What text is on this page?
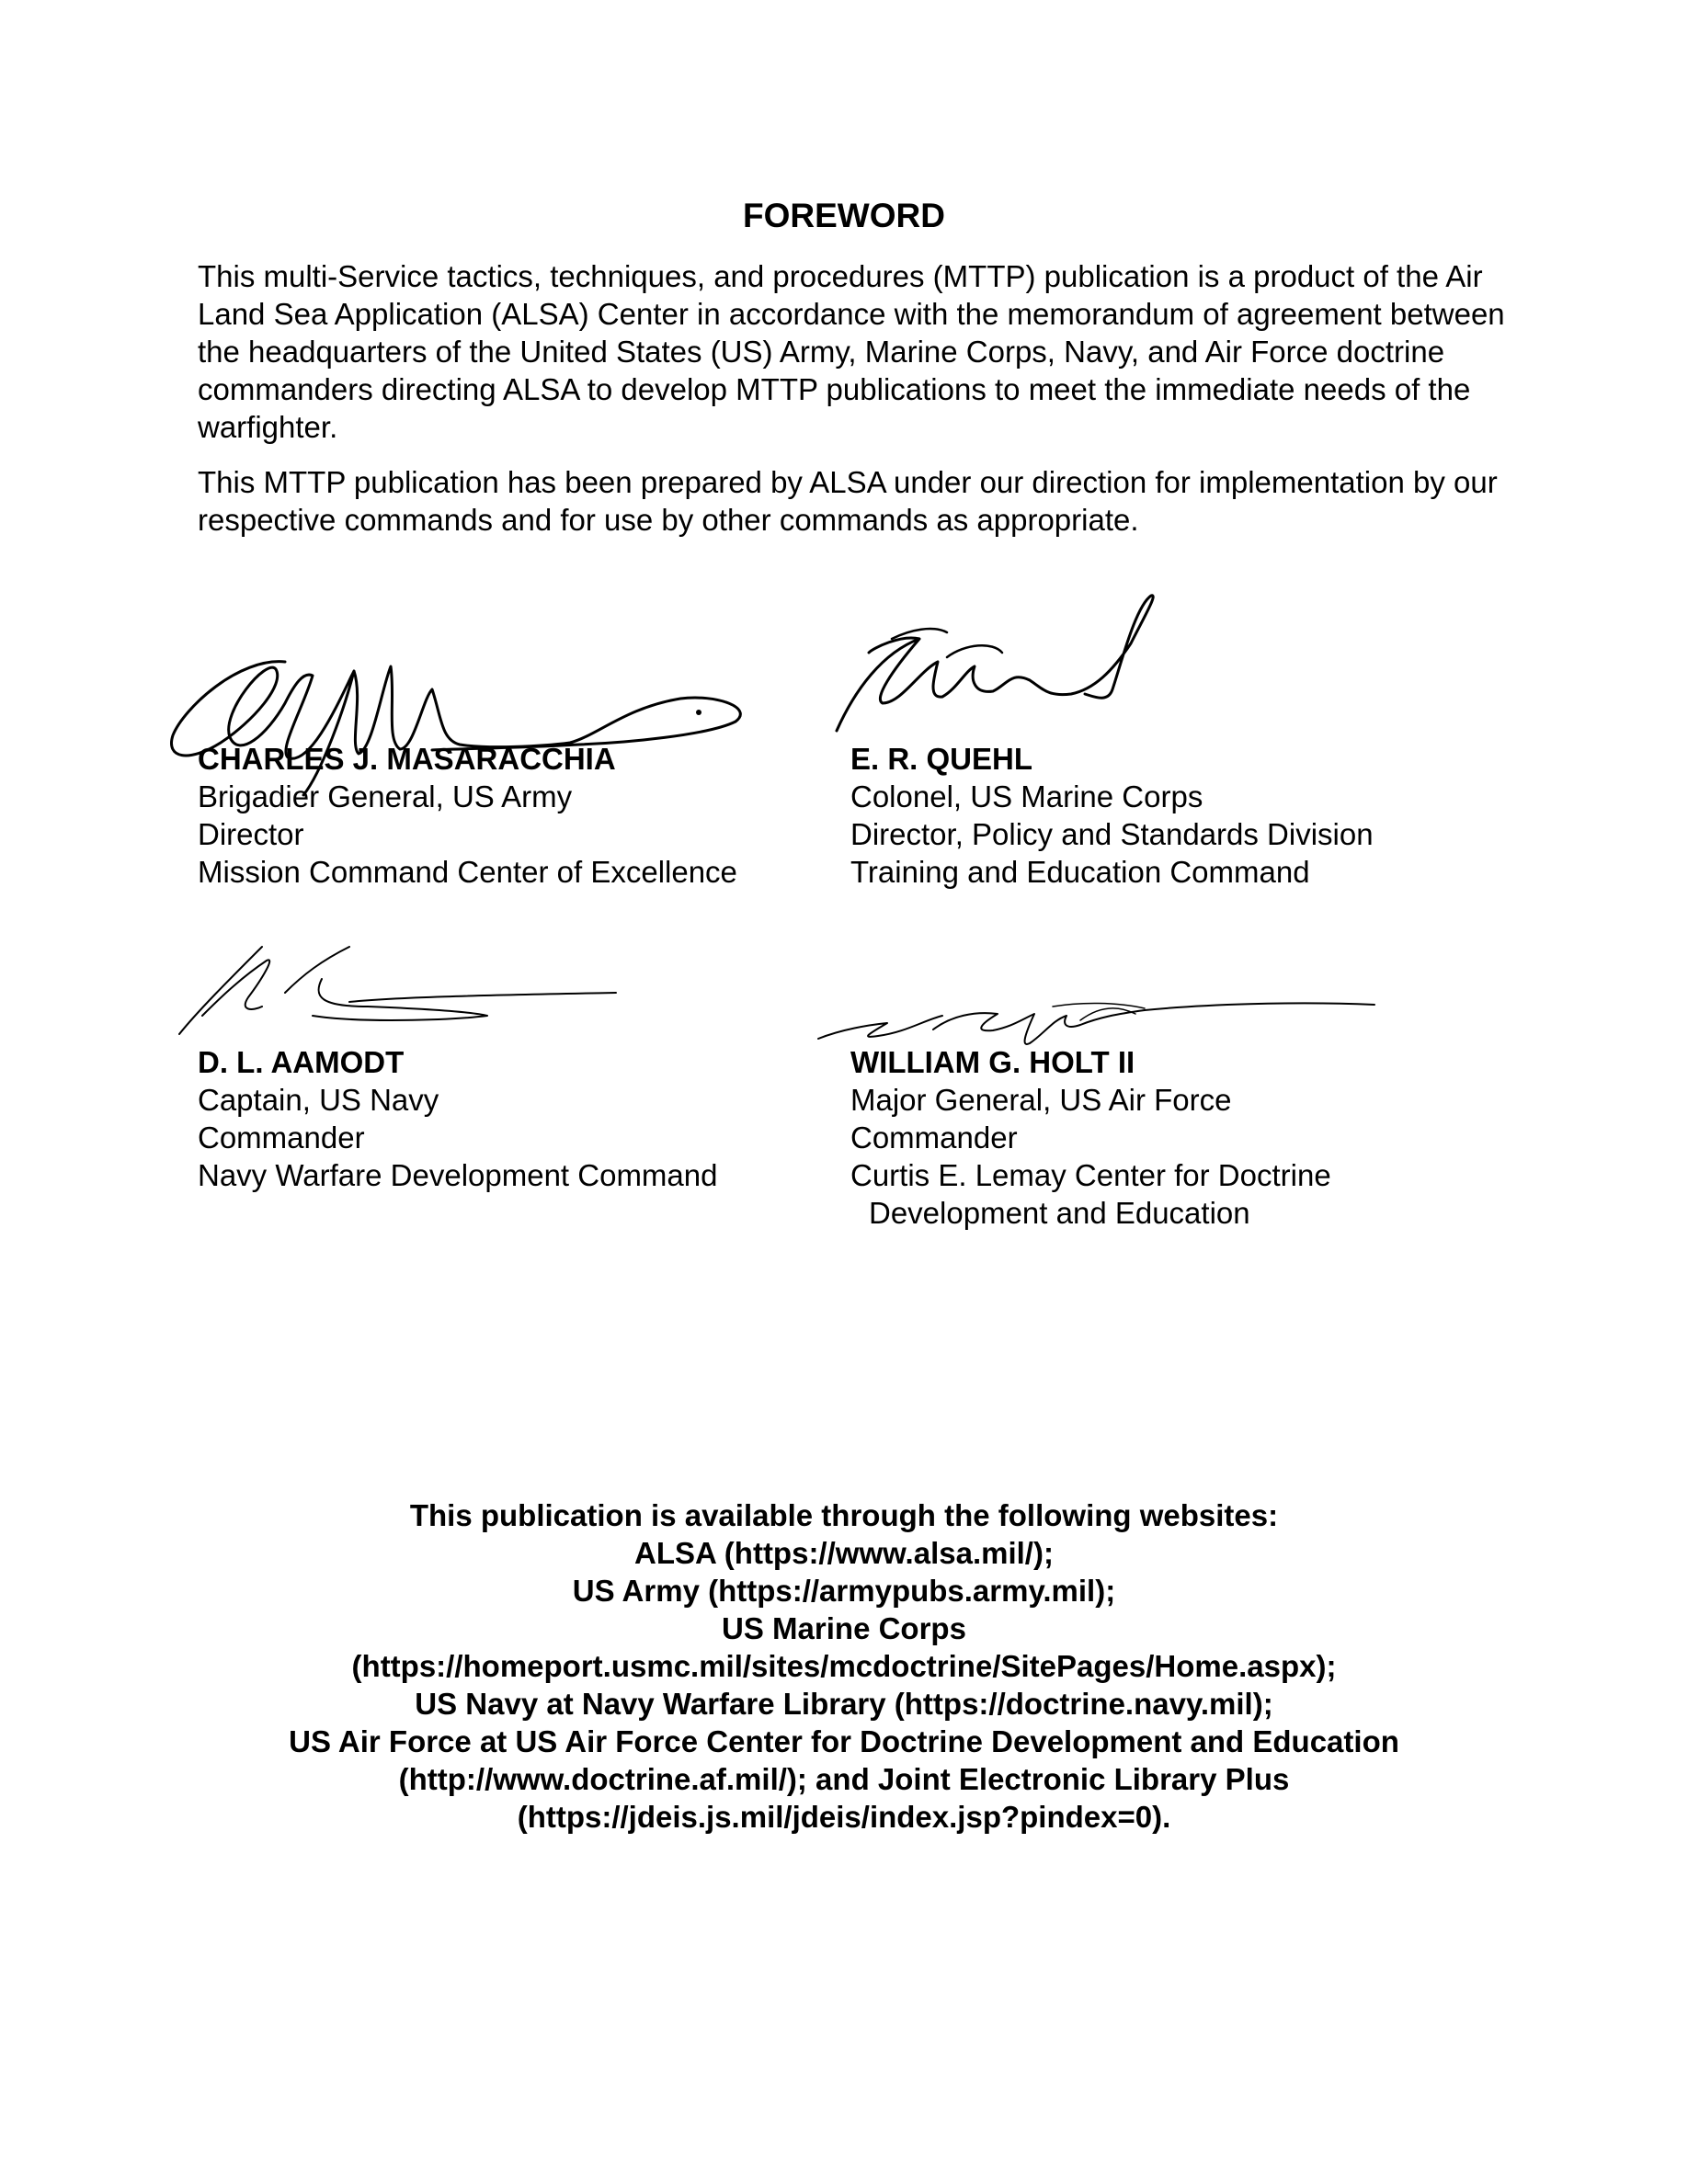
FOREWORD
This multi-Service tactics, techniques, and procedures (MTTP) publication is a product of the Air Land Sea Application (ALSA) Center in accordance with the memorandum of agreement between the headquarters of the United States (US) Army, Marine Corps, Navy, and Air Force doctrine commanders directing ALSA to develop MTTP publications to meet the immediate needs of the warfighter.
This MTTP publication has been prepared by ALSA under our direction for implementation by our respective commands and for use by other commands as appropriate.
CHARLES J. MASARACCHIA
Brigadier General, US Army
Director
Mission Command Center of Excellence
E. R. QUEHL
Colonel, US Marine Corps
Director, Policy and Standards Division
Training and Education Command
D. L. AAMODT
Captain, US Navy
Commander
Navy Warfare Development Command
WILLIAM G. HOLT II
Major General, US Air Force
Commander
Curtis E. Lemay Center for Doctrine
Development and Education
This publication is available through the following websites:
ALSA (https://www.alsa.mil/);
US Army (https://armypubs.army.mil);
US Marine Corps
(https://homeport.usmc.mil/sites/mcdoctrine/SitePages/Home.aspx);
US Navy at Navy Warfare Library (https://doctrine.navy.mil);
US Air Force at US Air Force Center for Doctrine Development and Education
(http://www.doctrine.af.mil/); and Joint Electronic Library Plus
(https://jdeis.js.mil/jdeis/index.jsp?pindex=0).
